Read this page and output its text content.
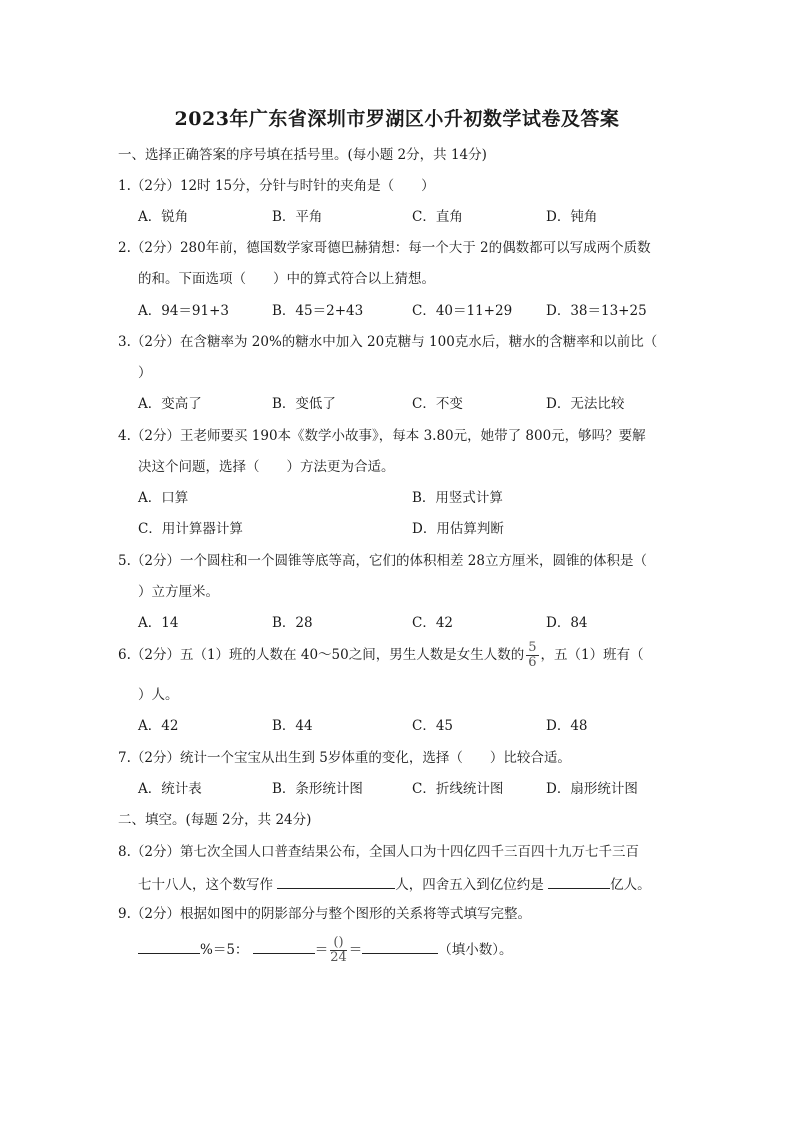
2023年广东省深圳市罗湖区小升初数学试卷及答案
一、选择正确答案的序号填在括号里。(每小题 2分，共 14分)
1.（2分）12时 15分，分针与时针的夹角是（　　）
A．锐角	B．平角	C．直角	D．钝角
2.（2分）280年前，德国数学家哥德巴赫猜想：每一个大于 2的偶数都可以写成两个质数
的和。下面选项（　　）中的算式符合以上猜想。
A．94＝91+3	B．45＝2+43	C．40＝11+29	D．38＝13+25
3.（2分）在含糖率为 20%的糖水中加入 20克糖与 100克水后，糖水的含糖率和以前比（
）
A．变高了	B．变低了	C．不变	D．无法比较
4.（2分）王老师要买 190本《数学小故事》，每本 3.80元，她带了 800元，够吗？要解
决这个问题，选择（　　）方法更为合适。
A．口算	B．用竖式计算
C．用计算器计算	D．用估算判断
5.（2分）一个圆柱和一个圆锥等底等高，它们的体积相差 28立方厘米，圆锥的体积是（
）立方厘米。
A．14	B．28	C．42	D．84
6.（2分）五（1）班的人数在 40～50之间，男生人数是女生人数的 $\frac{5}{6}$ ，五（1）班有（
）人。
A．42	B．44	C．45	D．48
7.（2分）统计一个宝宝从出生到 5岁体重的变化，选择（　　）比较合适。
A．统计表	B．条形统计图	C．折线统计图	D．扇形统计图
二、填空。(每题 2分，共 24分)
8.（2分）第七次全国人口普查结果公布，全国人口为十四亿四千三百四十九万七千三百
七十八人，这个数写作	人，四舍五入到亿位约是	亿人。
9.（2分）根据如图中的阴影部分与整个图形的关系将等式填写完整。
%＝5：	＝ $\frac{()}{24}$ ＝	（填小数）。
